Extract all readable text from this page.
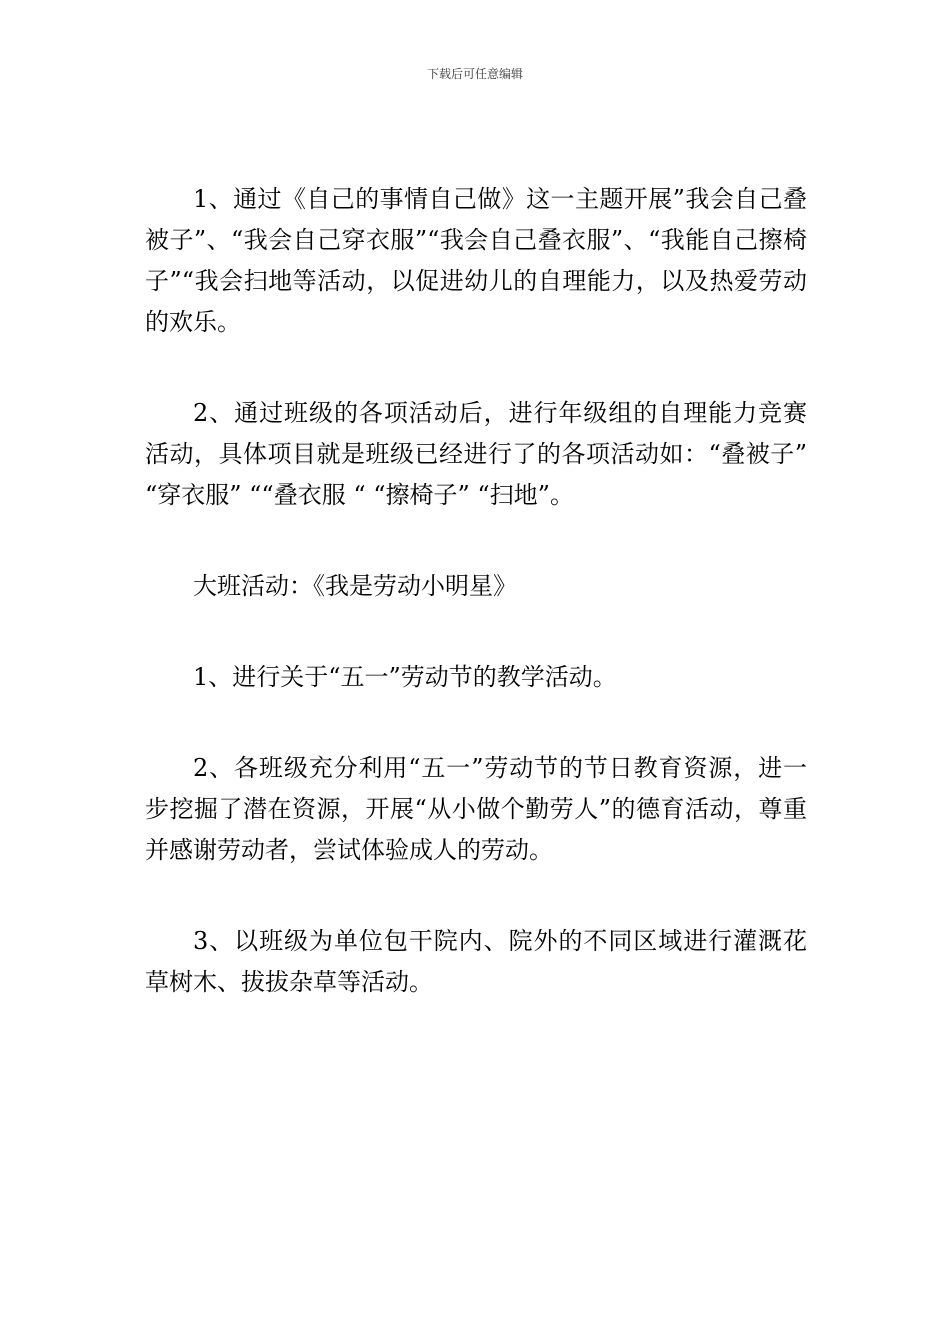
下载后可任意编辑

1、通过《自己的事情自己做》这一主题开展”我会自己叠被子”、“我会自己穿衣服”“我会自己叠衣服”、“我能自己擦椅子”“我会扫地等活动，以促进幼儿的自理能力，以及热爱劳动的欢乐。

2、通过班级的各项活动后，进行年级组的自理能力竞赛活动，具体项目就是班级已经进行了的各项活动如：“叠被子” “穿衣服” ““叠衣服 “ “擦椅子” “扫地”。

大班活动：《我是劳动小明星》

1、进行关于“五一”劳动节的教学活动。

2、各班级充分利用“五一”劳动节的节日教育资源，进一步挖掘了潜在资源，开展“从小做个勤劳人”的德育活动，尊重并感谢劳动者，尝试体验成人的劳动。

3、以班级为单位包干院内、院外的不同区域进行灌溉花草树木、拔拔杂草等活动。
